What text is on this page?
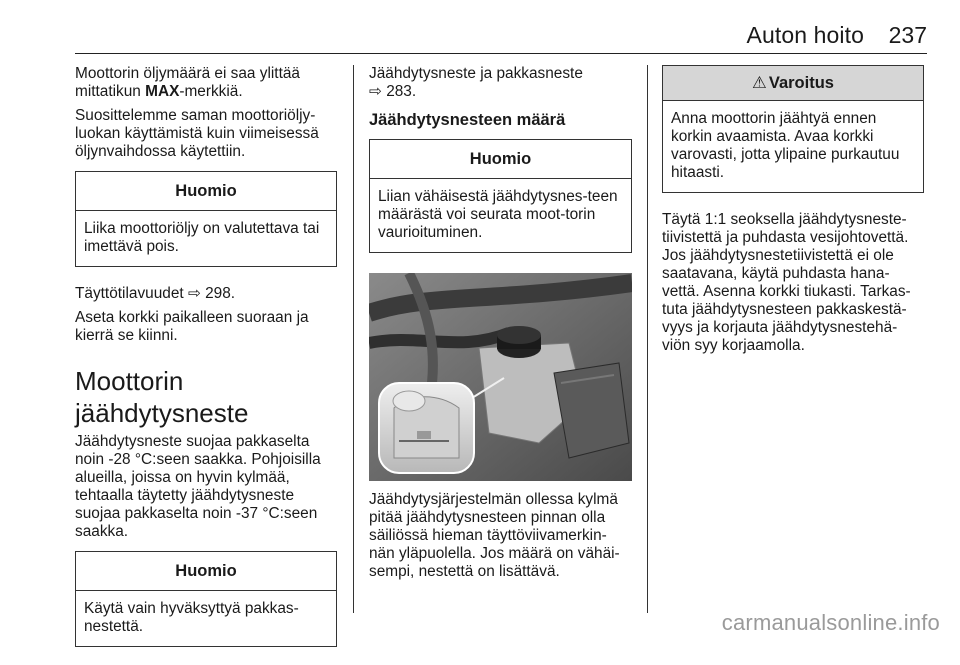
Auton hoito 237

Moottorin öljymäärä ei saa ylittää mittatikun MAX-merkkiä.

Suosittelemme saman moottoriöljy-luokan käyttämistä kuin viimeisessä öljynvaihdossa käytettiin.

Huomio
Liika moottoriöljy on valutettava tai imettävä pois.

Täyttötilavuudet ⇨ 298.

Aseta korkki paikalleen suoraan ja kierrä se kiinni.

Moottorin jäähdytysneste

Jäähdytysneste suojaa pakkaselta noin -28 °C:seen saakka. Pohjoisilla alueilla, joissa on hyvin kylmää, tehtaalla täytetty jäähdytysneste suojaa pakkaselta noin -37 °C:seen saakka.

Huomio
Käytä vain hyväksyttyä pakkas-nestettä.

Jäähdytysneste ja pakkasneste
⇨ 283.

Jäähdytysnesteen määrä
Huomio
Liian vähäisestä jäähdytysnes-teen määrästä voi seurata moot-torin vaurioituminen.

Jäähdytysjärjestelmän ollessa kylmä pitää jäähdytysnesteen pinnan olla säiliössä hieman täyttöviivamerkin-nän yläpuolella. Jos määrä on vähäi-sempi, nestettä on lisättävä.

⚠ Varoitus
Anna moottorin jäähtyä ennen korkin avaamista. Avaa korkki varovasti, jotta ylipaine purkautuu hitaasti.

Täytä 1:1 seoksella jäähdytysneste-tiivistettä ja puhdasta vesijohtovettä. Jos jäähdytysnestetiivistettä ei ole saatavana, käytä puhdasta hana-vettä. Asenna korkki tiukasti. Tarkas-tuta jäähdytysnesteen pakkaskestä-vyys ja korjauta jäähdytysnestehä-viön syy korjaamolla.

carmanualsonline.info
